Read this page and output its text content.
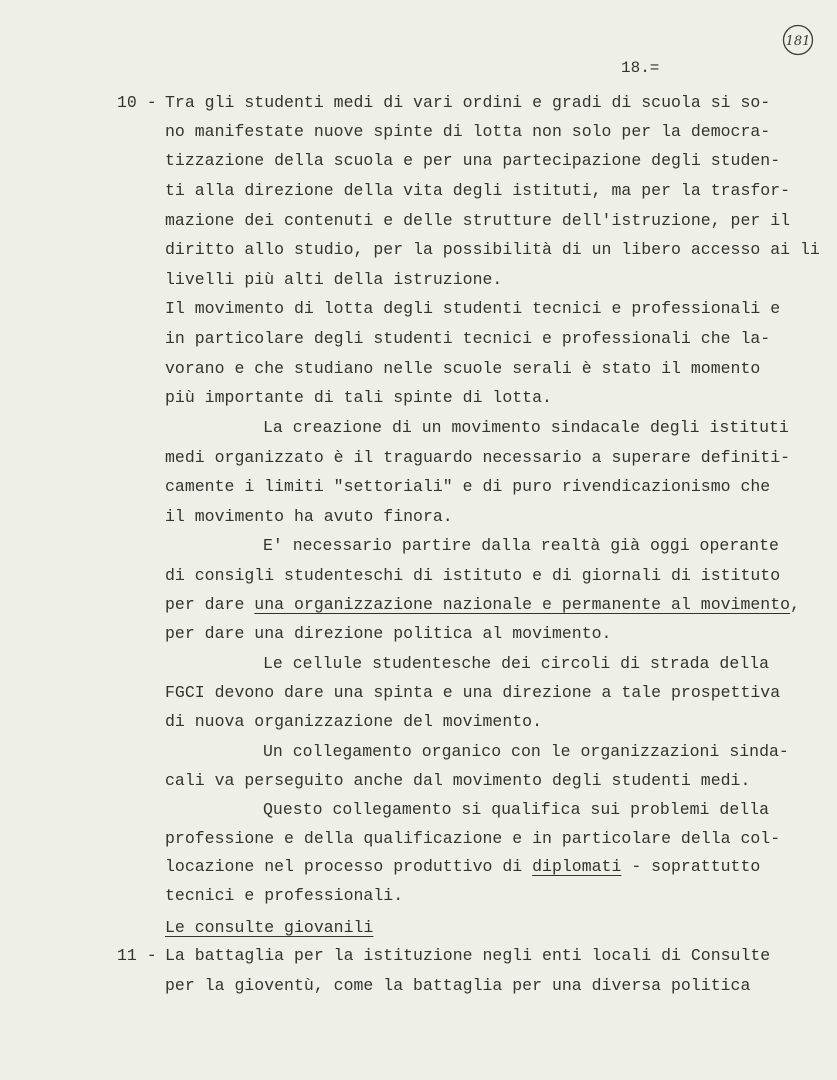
181
18.=
10 - Tra gli studenti medi di vari ordini e gradi di scuola si so-
no manifestate nuove spinte di lotta non solo per la democra-
tizzazione della scuola e per una partecipazione degli studen-
ti alla direzione della vita degli istituti, ma per la trasfor-
mazione dei contenuti e delle strutture dell'istruzione, per il
diritto allo studio, per la possibilità di un libero accesso ai li
livelli più alti della istruzione.
Il movimento di lotta degli studenti tecnici e professionali e
in particolare degli studenti tecnici e professionali che la-
vorano e che studiano nelle scuole serali è stato il momento
più importante di tali spinte di lotta.
La creazione di un movimento sindacale degli istituti
medi organizzato è il traguardo necessario a superare definiti-
camente i limiti "settoriali" e di puro rivendicazionismo che
il movimento ha avuto finora.
E' necessario partire dalla realtà già oggi operante
di consigli studenteschi di istituto e di giornali di istituto
per dare una organizzazione nazionale e permanente al movimento,
per dare una direzione politica al movimento.
Le cellule studentesche dei circoli di strada della
FGCI devono dare una spinta e una direzione a tale prospettiva
di nuova organizzazione del movimento.
Un collegamento organico con le organizzazioni sinda-
cali va perseguito anche dal movimento degli studenti medi.
Questo collegamento si qualifica sui problemi della
professione e della qualificazione e in particolare della col-
locazione nel processo produttivo di diplomati - soprattutto
tecnici e professionali.
Le consulte giovanili
11 - La battaglia per la istituzione negli enti locali di Consulte
per la gioventù, come la battaglia per una diversa politica
